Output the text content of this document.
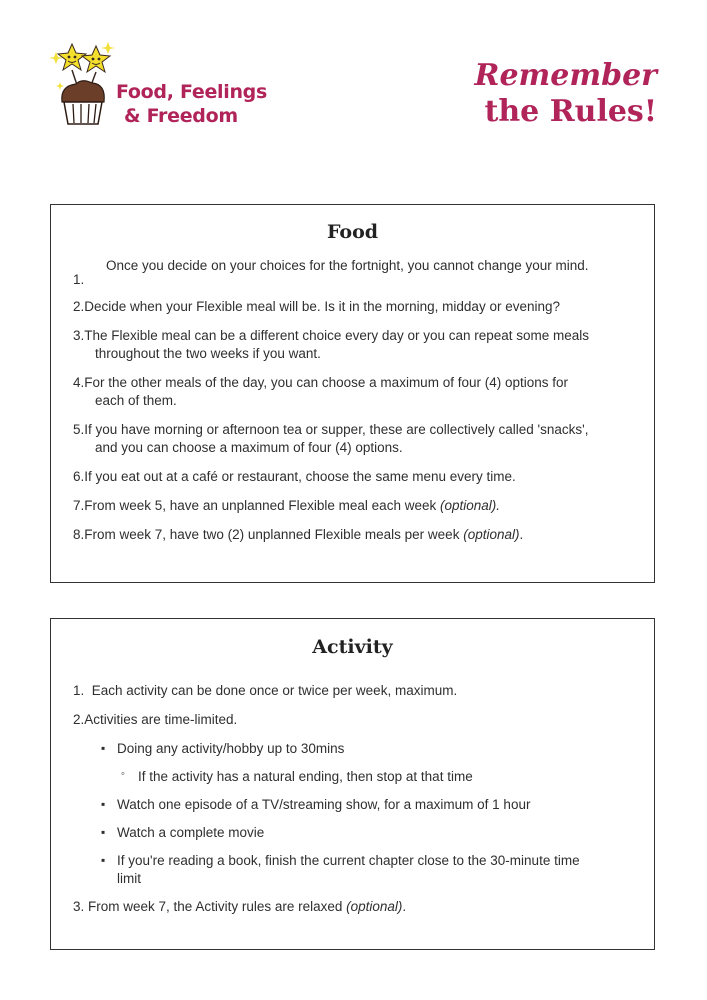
Food, Feelings
& Freedom
Remember
the Rules!
Food
1.
Once you decide on your choices for the fortnight, you cannot change your mind.
2.Decide when your Flexible meal will be. Is it in the morning, midday or evening?
3.The Flexible meal can be a different choice every day or you can repeat some meals
throughout the two weeks if you want.
4.For the other meals of the day, you can choose a maximum of four (4) options for
each of them.
5.If you have morning or afternoon tea or supper, these are collectively called 'snacks',
and you can choose a maximum of four (4) options.
6.If you eat out at a café or restaurant, choose the same menu every time.
7.From week 5, have an unplanned Flexible meal each week (optional).
8.From week 7, have two (2) unplanned Flexible meals per week (optional).
Activity
1. Each activity can be done once or twice per week, maximum.
2.Activities are time-limited.
▪ Doing any activity/hobby up to 30mins
◦ If the activity has a natural ending, then stop at that time
▪ Watch one episode of a TV/streaming show, for a maximum of 1 hour
▪ Watch a complete movie
▪ If you're reading a book, finish the current chapter close to the 30-minute time
limit
3. From week 7, the Activity rules are relaxed (optional).
